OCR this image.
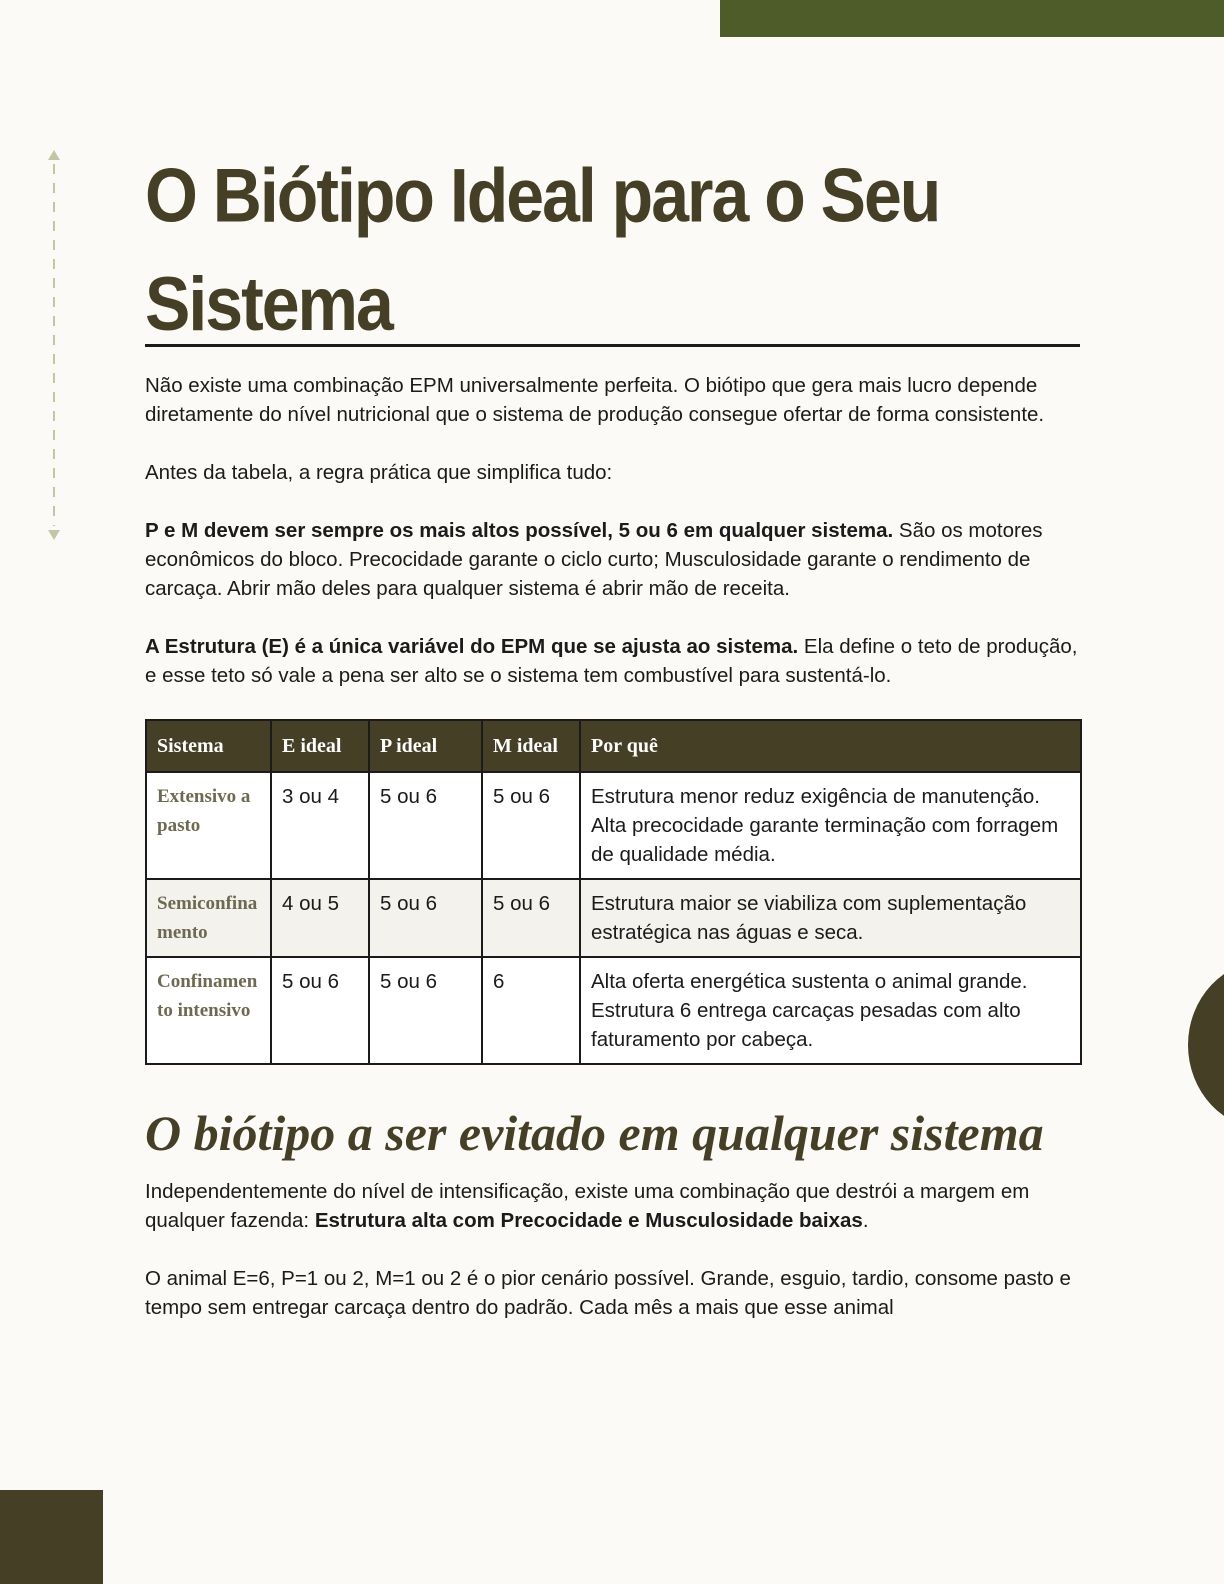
O Biótipo Ideal para o Seu Sistema

Não existe uma combinação EPM universalmente perfeita. O biótipo que gera mais lucro depende diretamente do nível nutricional que o sistema de produção consegue ofertar de forma consistente.

Antes da tabela, a regra prática que simplifica tudo:

P e M devem ser sempre os mais altos possível, 5 ou 6 em qualquer sistema. São os motores econômicos do bloco. Precocidade garante o ciclo curto; Musculosidade garante o rendimento de carcaça. Abrir mão deles para qualquer sistema é abrir mão de receita.

A Estrutura (E) é a única variável do EPM que se ajusta ao sistema. Ela define o teto de produção, e esse teto só vale a pena ser alto se o sistema tem combustível para sustentá-lo.

Sistema	E ideal	P ideal	M ideal	Por quê
Extensivo a pasto	3 ou 4	5 ou 6	5 ou 6	Estrutura menor reduz exigência de manutenção. Alta precocidade garante terminação com forragem de qualidade média.
Semiconfinamento	4 ou 5	5 ou 6	5 ou 6	Estrutura maior se viabiliza com suplementação estratégica nas águas e seca.
Confinamento intensivo	5 ou 6	5 ou 6	6	Alta oferta energética sustenta o animal grande. Estrutura 6 entrega carcaças pesadas com alto faturamento por cabeça.
O biótipo a ser evitado em qualquer sistema

Independentemente do nível de intensificação, existe uma combinação que destrói a margem em qualquer fazenda: Estrutura alta com Precocidade e Musculosidade baixas.

O animal E=6, P=1 ou 2, M=1 ou 2 é o pior cenário possível. Grande, esguio, tardio, consome pasto e tempo sem entregar carcaça dentro do padrão. Cada mês a mais que esse animal
